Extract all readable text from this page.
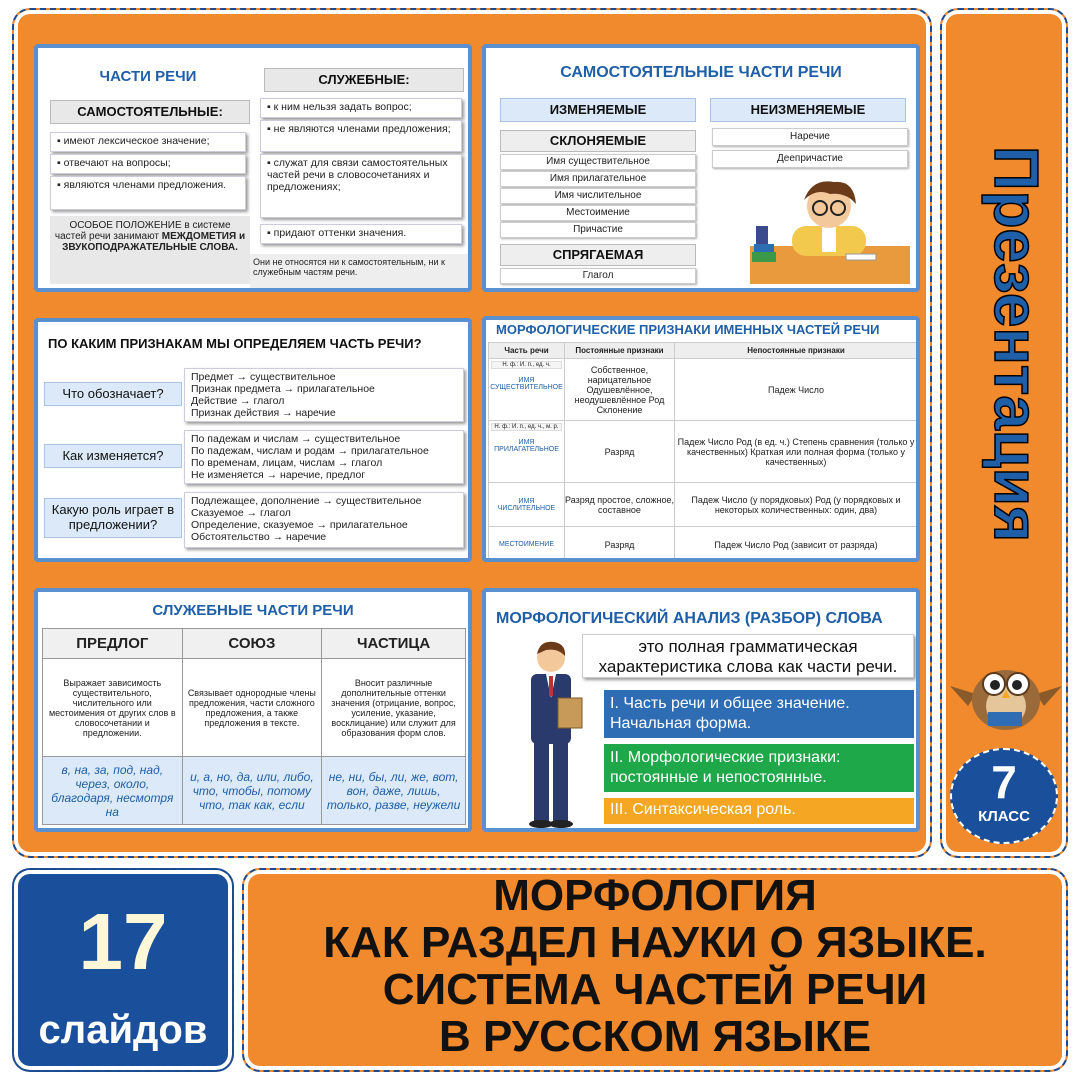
ЧАСТИ РЕЧИ
САМОСТОЯТЕЛЬНЫЕ:
▪ имеют лексическое значение;
▪ отвечают на вопросы;
▪ являются членами предложения.
ОСОБОЕ ПОЛОЖЕНИЕ в системе частей речи занимают МЕЖДОМЕТИЯ и ЗВУКОПОДРАЖАТЕЛЬНЫЕ СЛОВА.
СЛУЖЕБНЫЕ:
▪ к ним нельзя задать вопрос;
▪ не являются членами предложения;
▪ служат для связи самостоятельных частей речи в словосочетаниях и предложениях;
▪ придают оттенки значения.
Они не относятся ни к самостоятельным, ни к служебным частям речи.
САМОСТОЯТЕЛЬНЫЕ ЧАСТИ РЕЧИ
ИЗМЕНЯЕМЫЕ	НЕИЗМЕНЯЕМЫЕ
СКЛОНЯЕМЫЕ
Имя существительное
Имя прилагательное
Имя числительное
Местоимение
Причастие
СПРЯГАЕМАЯ
Глагол
Наречие
Деепричастие
ПО КАКИМ ПРИЗНАКАМ МЫ ОПРЕДЕЛЯЕМ ЧАСТЬ РЕЧИ?
Что обозначает?
Предмет → существительное
Признак предмета → прилагательное
Действие → глагол
Признак действия → наречие
Как изменяется?
По падежам и числам → существительное
По падежам, числам и родам → прилагательное
По временам, лицам, числам → глагол
Не изменяется → наречие, предлог
Какую роль играет в предложении?
Подлежащее, дополнение → существительное
Сказуемое → глагол
Определение, сказуемое → прилагательное
Обстоятельство → наречие
МОРФОЛОГИЧЕСКИЕ ПРИЗНАКИ ИМЕННЫХ ЧАСТЕЙ РЕЧИ
Часть речи	Постоянные признаки	Непостоянные признаки

Н. ф.: И. п., ед. ч.
ИМЯ СУЩЕСТВИТЕЛЬНОЕ	Собственное, нарицательное Одушевлённое, неодушевлённое Род Склонение	Падеж Число

Н. ф.: И. п., ед. ч., м. р.
ИМЯ ПРИЛАГАТЕЛЬНОЕ	Разряд	Падеж Число Род (в ед. ч.) Степень сравнения (только у качественных) Краткая или полная форма (только у качественных)
ИМЯ ЧИСЛИТЕЛЬНОЕ	Разряд простое, сложное, составное	Падеж Число (у порядковых) Род (у порядковых и некоторых количественных: один, два)
МЕСТОИМЕНИЕ	Разряд	Падеж Число Род (зависит от разряда)
СЛУЖЕБНЫЕ ЧАСТИ РЕЧИ
ПРЕДЛОГ	СОЮЗ	ЧАСТИЦА
Выражает зависимость существительного, числительного или местоимения от других слов в словосочетании и предложении.	Связывает однородные члены предложения, части сложного предложения, а также предложения в тексте.	Вносит различные дополнительные оттенки значения (отрицание, вопрос, усиление, указание, восклицание) или служит для образования форм слов.
в, на, за, под, над, через, около, благодаря, несмотря на	и, а, но, да, или, либо, что, чтобы, потому что, так как, если	не, ни, бы, ли, же, вот, вон, даже, лишь, только, разве, неужели
МОРФОЛОГИЧЕСКИЙ АНАЛИЗ (РАЗБОР) СЛОВА
это полная грамматическая характеристика слова как части речи.
I. Часть речи и общее значение. Начальная форма.
II. Морфологические признаки: постоянные и непостоянные.
III. Синтаксическая роль.
Презентация
7
КЛАСС
17
слайдов
МОРФОЛОГИЯ
КАК РАЗДЕЛ НАУКИ О ЯЗЫКЕ.
СИСТЕМА ЧАСТЕЙ РЕЧИ
В РУССКОМ ЯЗЫКЕ
